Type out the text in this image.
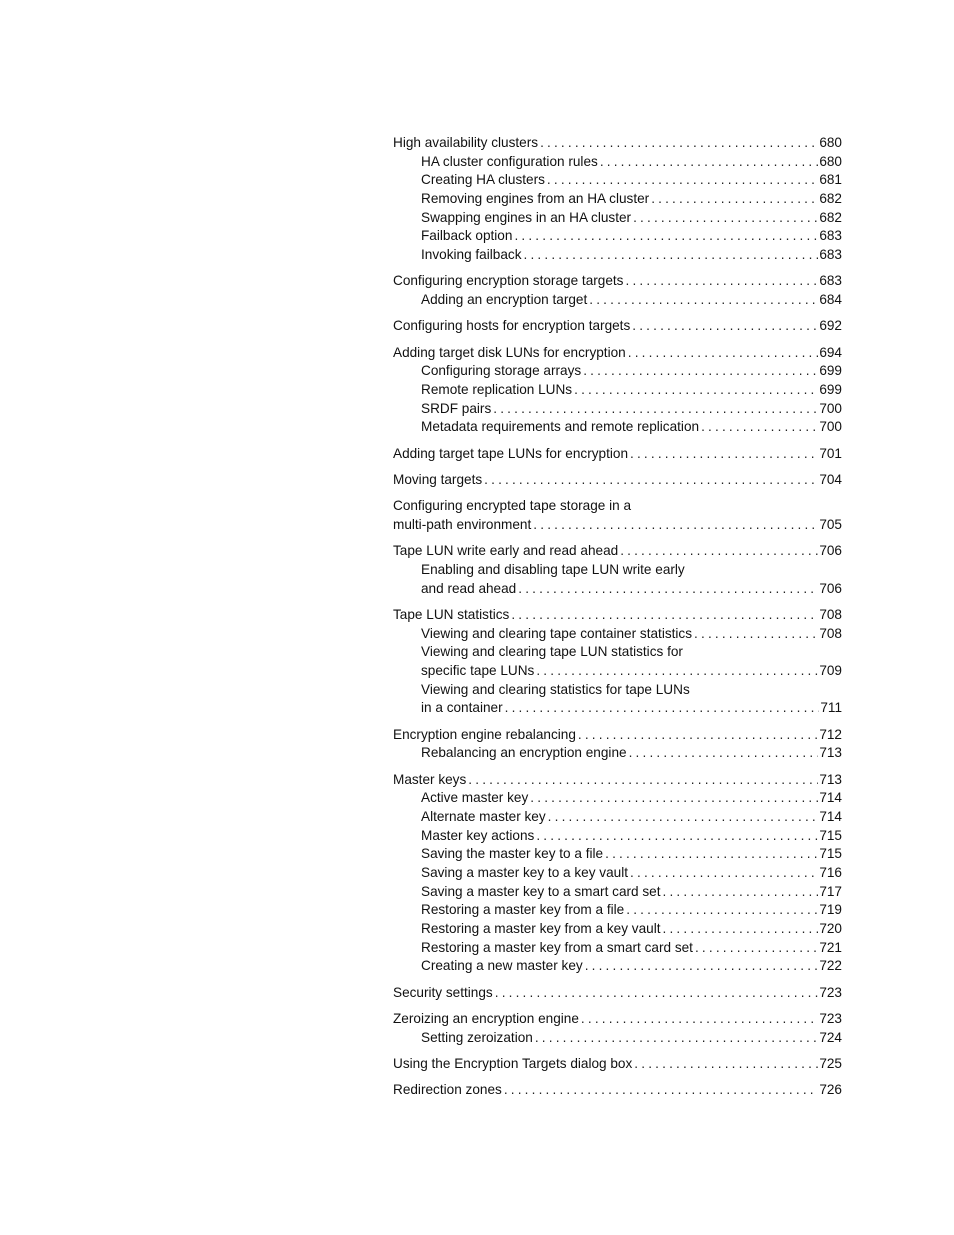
High availability clusters . . .	680
HA cluster configuration rules . . .	680
Creating HA clusters . . .	681
Removing engines from an HA cluster . . .	682
Swapping engines in an HA cluster . . .	682
Failback option . . .	683
Invoking failback . . .	683
Configuring encryption storage targets . . .	683
Adding an encryption target . . .	684
Configuring hosts for encryption targets . . .	692
Adding target disk LUNs for encryption . . .	694
Configuring storage arrays . . .	699
Remote replication LUNs . . .	699
SRDF pairs . . .	700
Metadata requirements and remote replication . . .	700
Adding target tape LUNs for encryption . . .	701
Moving targets . . .	704
Configuring encrypted tape storage in a
multi-path environment . . .	705
Tape LUN write early and read ahead . . .	706
Enabling and disabling tape LUN write early
and read ahead . . .	706
Tape LUN statistics . . .	708
Viewing and clearing tape container statistics . . .	708
Viewing and clearing tape LUN statistics for
specific tape LUNs . . .	709
Viewing and clearing statistics for tape LUNs
in a container . . .	711
Encryption engine rebalancing . . .	712
Rebalancing an encryption engine . . .	713
Master keys . . .	713
Active master key . . .	714
Alternate master key . . .	714
Master key actions . . .	715
Saving the master key to a file . . .	715
Saving a master key to a key vault . . .	716
Saving a master key to a smart card set . . .	717
Restoring a master key from a file . . .	719
Restoring a master key from a key vault . . .	720
Restoring a master key from a smart card set . . .	721
Creating a new master key . . .	722
Security settings . . .	723
Zeroizing an encryption engine . . .	723
Setting zeroization . . .	724
Using the Encryption Targets dialog box . . .	725
Redirection zones . . .	726
